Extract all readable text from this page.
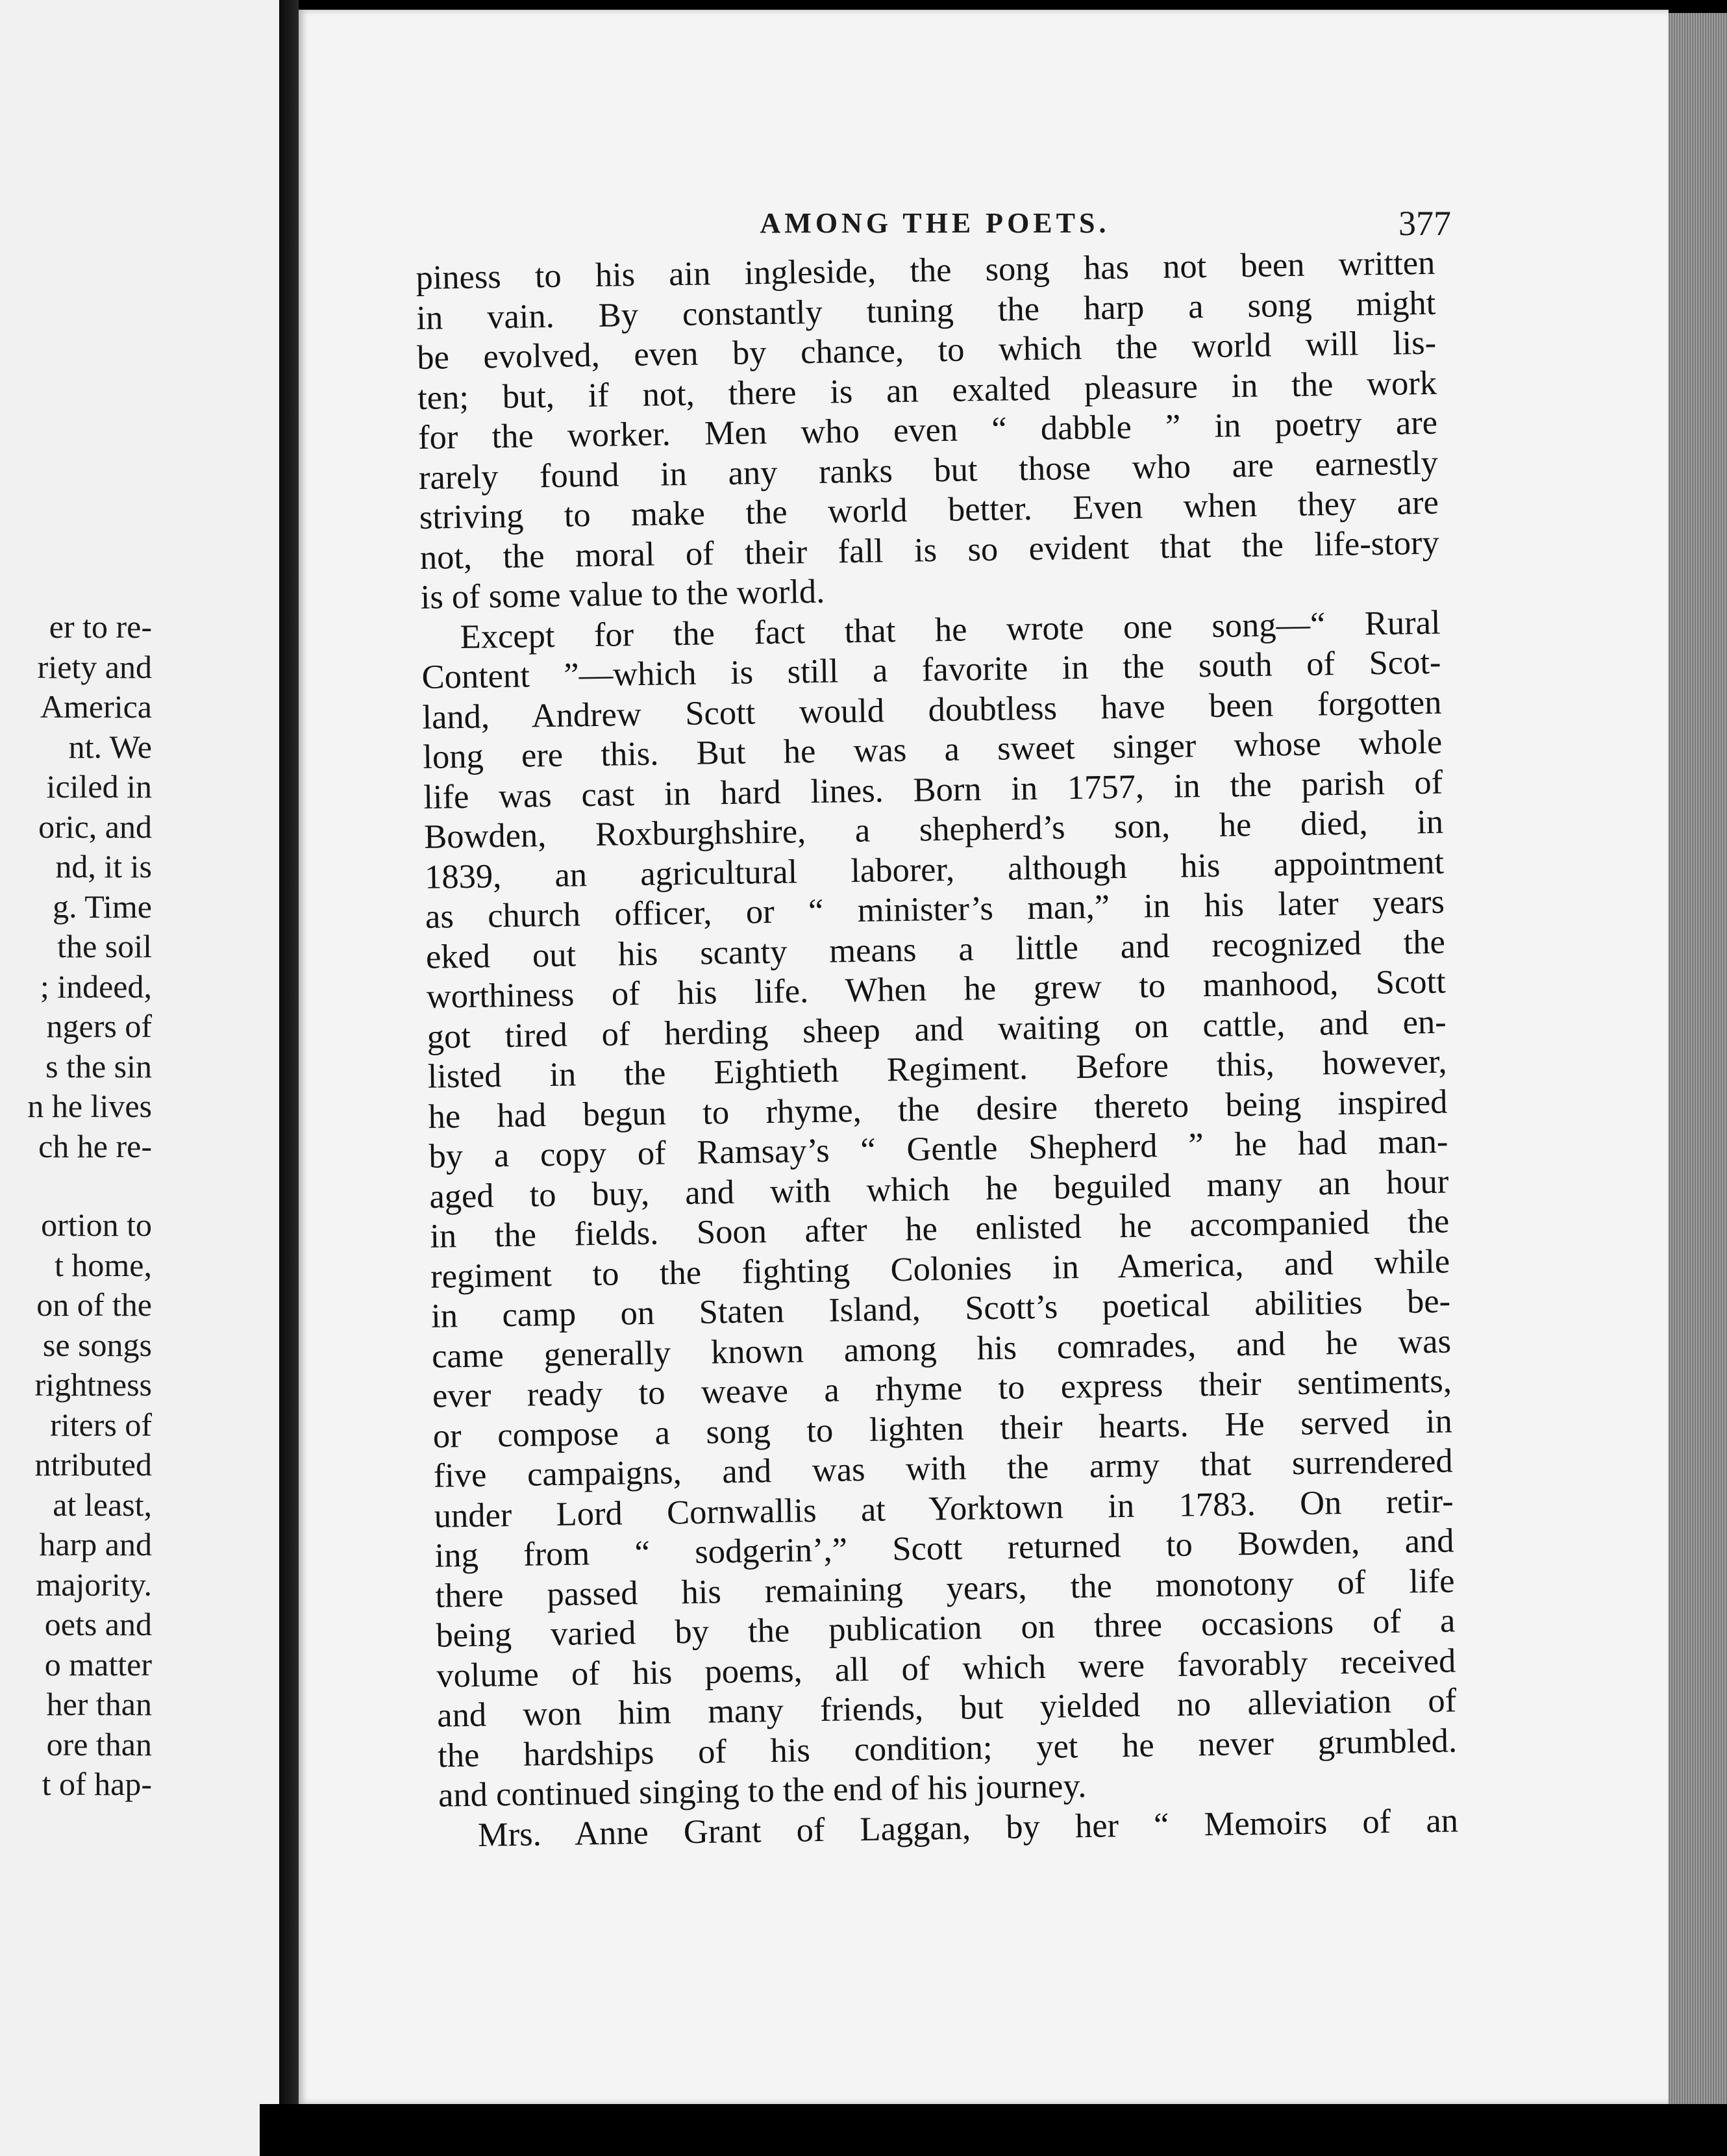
er to re-
riety and
America
nt. We
iciled in
oric, and
nd, it is
g. Time
the soil
; indeed,
ngers of
s the sin
n he lives
ch he re-
ortion to
t home,
on of the
se songs
rightness
riters of
ntributed
at least,
harp and
majority.
oets and
o matter
her than
ore than
t of hap-
AMONG THE POETS.	377

piness to his ain ingleside, the song has not been written
in vain. By constantly tuning the harp a song might
be evolved, even by chance, to which the world will lis-
ten; but, if not, there is an exalted pleasure in the work
for the worker. Men who even “ dabble ” in poetry are
rarely found in any ranks but those who are earnestly
striving to make the world better. Even when they are
not, the moral of their fall is so evident that the life-story
is of some value to the world.

Except for the fact that he wrote one song—“ Rural
Content ”—which is still a favorite in the south of Scot-
land, Andrew Scott would doubtless have been forgotten
long ere this. But he was a sweet singer whose whole
life was cast in hard lines. Born in 1757, in the parish of
Bowden, Roxburghshire, a shepherd’s son, he died, in
1839, an agricultural laborer, although his appointment
as church officer, or “ minister’s man,” in his later years
eked out his scanty means a little and recognized the
worthiness of his life. When he grew to manhood, Scott
got tired of herding sheep and waiting on cattle, and en-
listed in the Eightieth Regiment. Before this, however,
he had begun to rhyme, the desire thereto being inspired
by a copy of Ramsay’s “ Gentle Shepherd ” he had man-
aged to buy, and with which he beguiled many an hour
in the fields. Soon after he enlisted he accompanied the
regiment to the fighting Colonies in America, and while
in camp on Staten Island, Scott’s poetical abilities be-
came generally known among his comrades, and he was
ever ready to weave a rhyme to express their sentiments,
or compose a song to lighten their hearts. He served in
five campaigns, and was with the army that surrendered
under Lord Cornwallis at Yorktown in 1783. On retir-
ing from “ sodgerin’,” Scott returned to Bowden, and
there passed his remaining years, the monotony of life
being varied by the publication on three occasions of a
volume of his poems, all of which were favorably received
and won him many friends, but yielded no alleviation of
the hardships of his condition; yet he never grumbled.
and continued singing to the end of his journey.

Mrs. Anne Grant of Laggan, by her “ Memoirs of an
